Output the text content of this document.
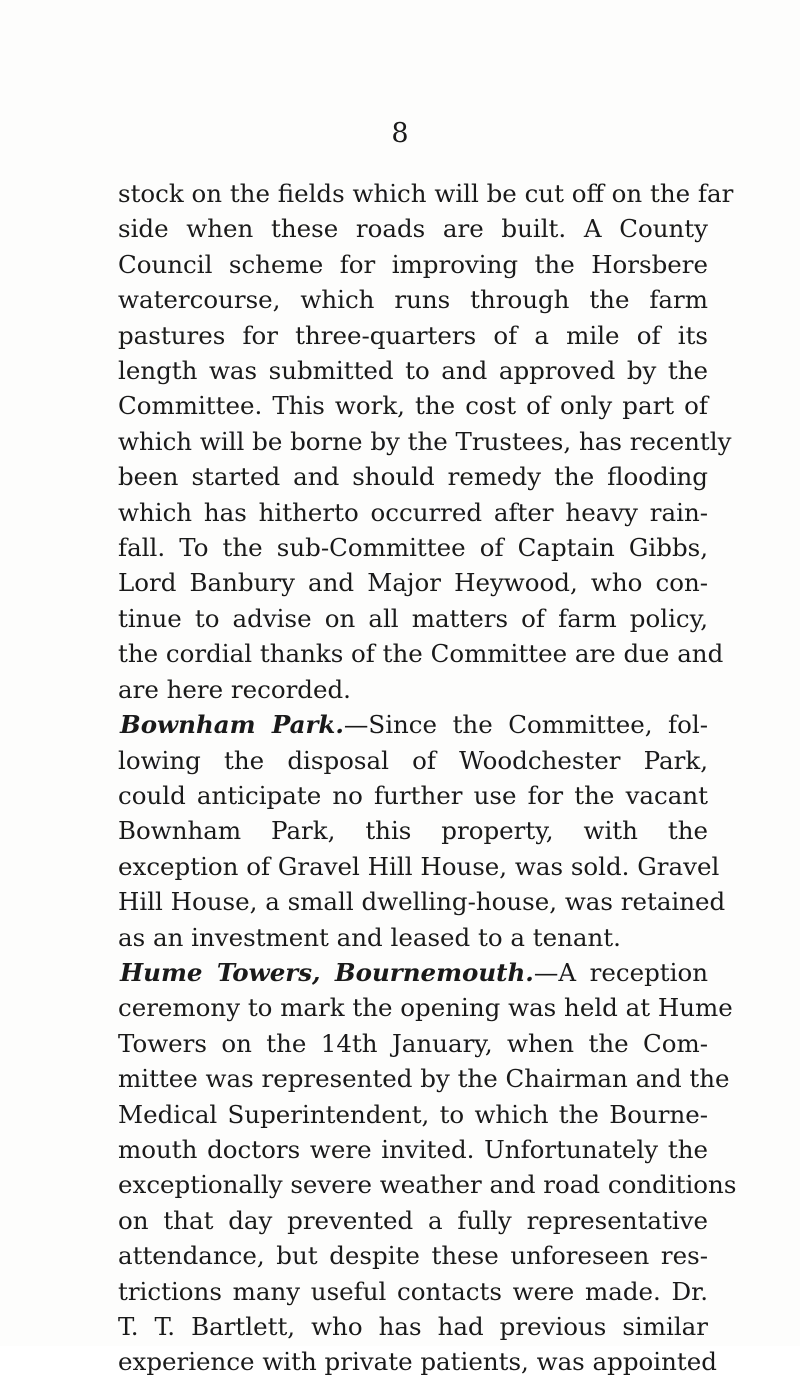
8

stock on the fields which will be cut off on the far
side when these roads are built. A County
Council scheme for improving the Horsbere
watercourse, which runs through the farm
pastures for three-quarters of a mile of its
length was submitted to and approved by the
Committee. This work, the cost of only part of
which will be borne by the Trustees, has recently
been started and should remedy the flooding
which has hitherto occurred after heavy rain-
fall. To the sub-Committee of Captain Gibbs,
Lord Banbury and Major Heywood, who con-
tinue to advise on all matters of farm policy,
the cordial thanks of the Committee are due and
are here recorded.

Bownham Park.—Since the Committee, fol-
lowing the disposal of Woodchester Park,
could anticipate no further use for the vacant
Bownham Park, this property, with the
exception of Gravel Hill House, was sold. Gravel
Hill House, a small dwelling-house, was retained
as an investment and leased to a tenant.

Hume Towers, Bournemouth.—A reception
ceremony to mark the opening was held at Hume
Towers on the 14th January, when the Com-
mittee was represented by the Chairman and the
Medical Superintendent, to which the Bourne-
mouth doctors were invited. Unfortunately the
exceptionally severe weather and road conditions
on that day prevented a fully representative
attendance, but despite these unforeseen res-
trictions many useful contacts were made. Dr.
T. T. Bartlett, who has had previous similar
experience with private patients, was appointed
